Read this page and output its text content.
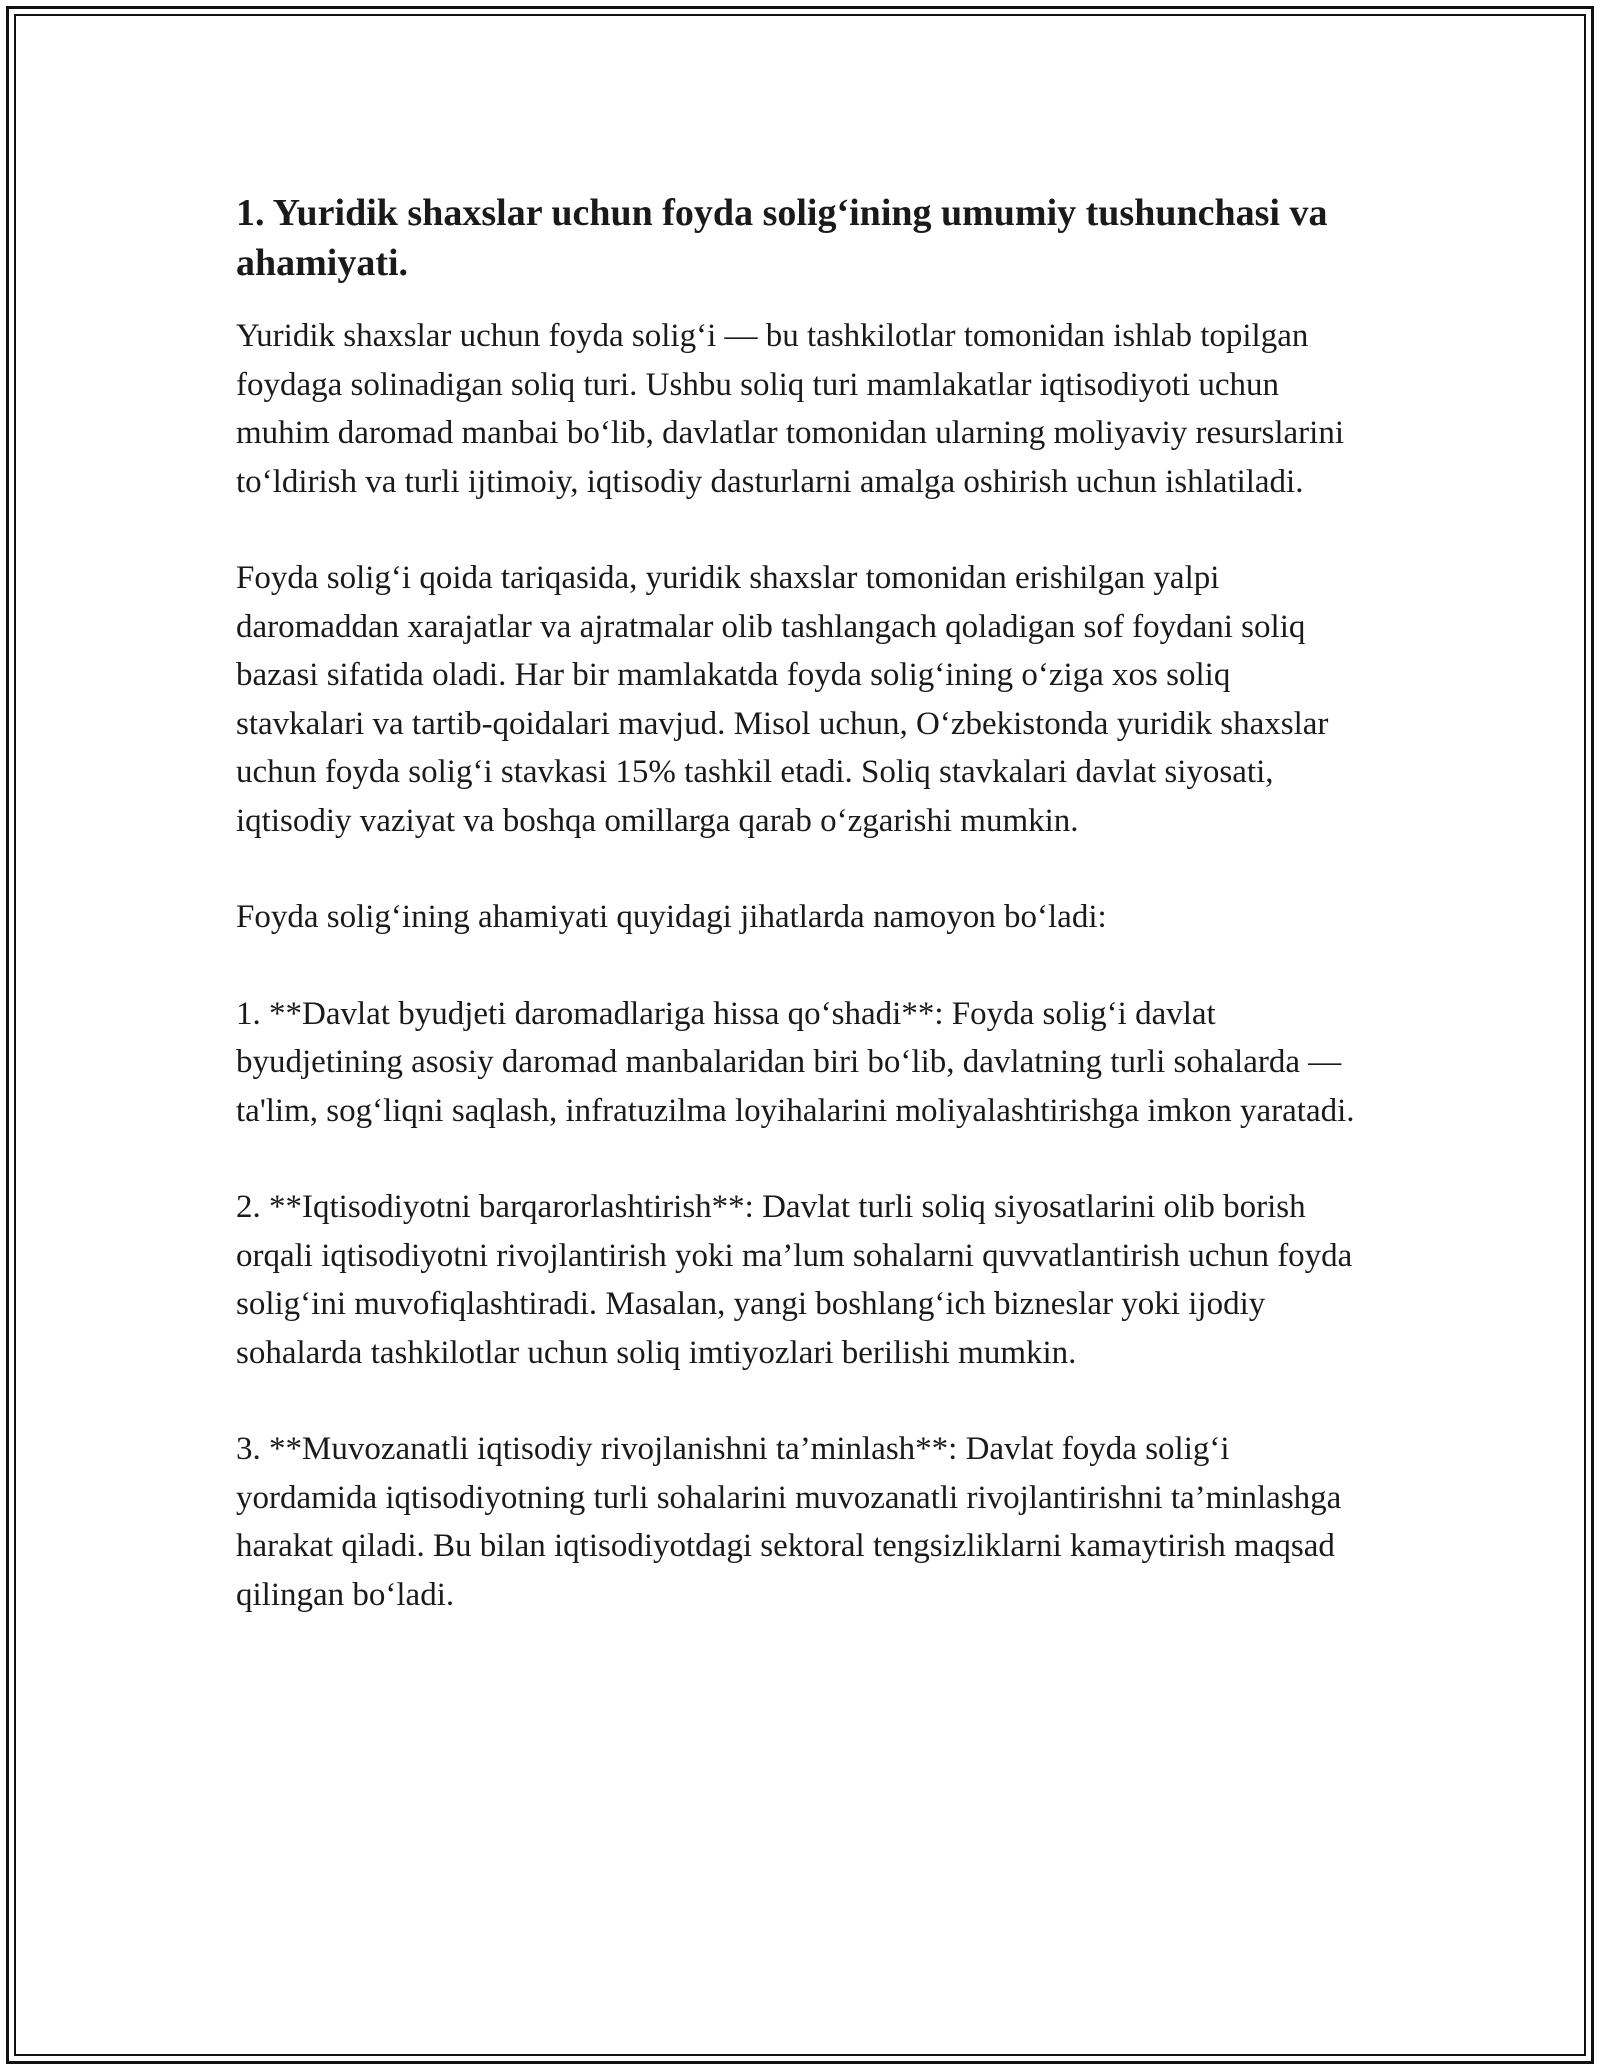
1. Yuridik shaxslar uchun foyda solig‘ining umumiy tushunchasi va ahamiyati.

Yuridik shaxslar uchun foyda solig‘i — bu tashkilotlar tomonidan ishlab topilgan foydaga solinadigan soliq turi. Ushbu soliq turi mamlakatlar iqtisodiyoti uchun muhim daromad manbai bo‘lib, davlatlar tomonidan ularning moliyaviy resurslarini to‘ldirish va turli ijtimoiy, iqtisodiy dasturlarni amalga oshirish uchun ishlatiladi.

Foyda solig‘i qoida tariqasida, yuridik shaxslar tomonidan erishilgan yalpi daromaddan xarajatlar va ajratmalar olib tashlangach qoladigan sof foydani soliq bazasi sifatida oladi. Har bir mamlakatda foyda solig‘ining o‘ziga xos soliq stavkalari va tartib-qoidalari mavjud. Misol uchun, O‘zbekistonda yuridik shaxslar uchun foyda solig‘i stavkasi 15% tashkil etadi. Soliq stavkalari davlat siyosati, iqtisodiy vaziyat va boshqa omillarga qarab o‘zgarishi mumkin.

Foyda solig‘ining ahamiyati quyidagi jihatlarda namoyon bo‘ladi:

1. **Davlat byudjeti daromadlariga hissa qo‘shadi**: Foyda solig‘i davlat byudjetining asosiy daromad manbalaridan biri bo‘lib, davlatning turli sohalarda — ta'lim, sog‘liqni saqlash, infratuzilma loyihalarini moliyalashtirishga imkon yaratadi.

2. **Iqtisodiyotni barqarorlashtirish**: Davlat turli soliq siyosatlarini olib borish orqali iqtisodiyotni rivojlantirish yoki ma’lum sohalarni quvvatlantirish uchun foyda solig‘ini muvofiqlashtiradi. Masalan, yangi boshlang‘ich bizneslar yoki ijodiy sohalarda tashkilotlar uchun soliq imtiyozlari berilishi mumkin.

3. **Muvozanatli iqtisodiy rivojlanishni ta’minlash**: Davlat foyda solig‘i yordamida iqtisodiyotning turli sohalarini muvozanatli rivojlantirishni ta’minlashga harakat qiladi. Bu bilan iqtisodiyotdagi sektoral tengsizliklarni kamaytirish maqsad qilingan bo‘ladi.
